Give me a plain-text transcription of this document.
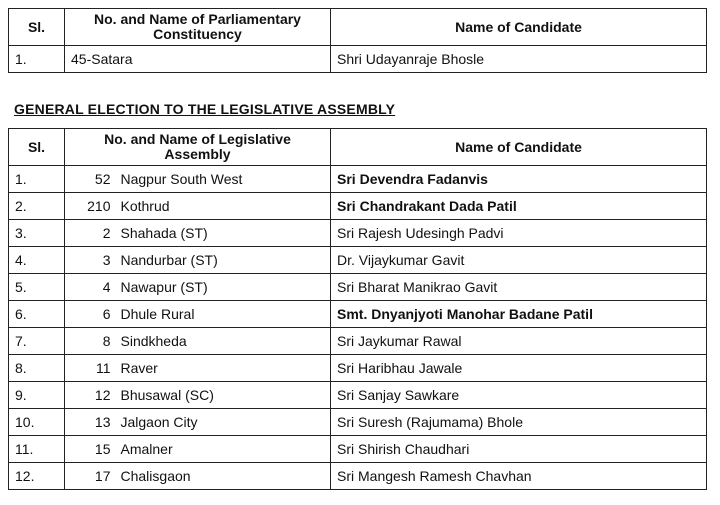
Sl.	No. and Name of Parliamentary Constituency	Name of Candidate
1.	45-Satara	Shri Udayanraje Bhosle
GENERAL ELECTION TO THE LEGISLATIVE ASSEMBLY
Sl.	No. and Name of Legislative Assembly		Name of Candidate
1.	52	Nagpur South West	Sri Devendra Fadanvis
2.	210	Kothrud	Sri Chandrakant Dada Patil
3.	2	Shahada (ST)	Sri Rajesh Udesingh Padvi
4.	3	Nandurbar (ST)	Dr. Vijaykumar Gavit
5.	4	Nawapur (ST)	Sri Bharat Manikrao Gavit
6.	6	Dhule Rural	Smt. Dnyanjyoti Manohar Badane Patil
7.	8	Sindkheda	Sri Jaykumar Rawal
8.	11	Raver	Sri Haribhau Jawale
9.	12	Bhusawal (SC)	Sri Sanjay Sawkare
10.	13	Jalgaon City	Sri Suresh (Rajumama) Bhole
11.	15	Amalner	Sri Shirish Chaudhari
12.	17	Chalisgaon	Sri Mangesh Ramesh Chavhan
